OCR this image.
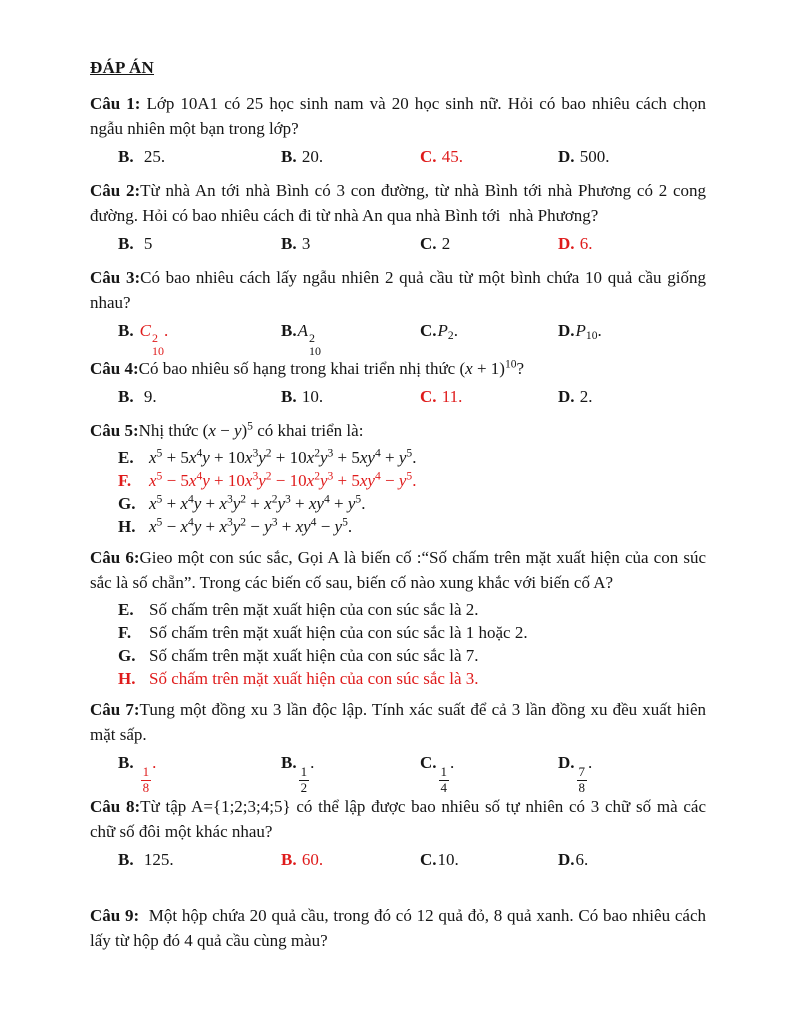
ĐÁP ÁN

Câu 1: Lớp 10A1 có 25 học sinh nam và 20 học sinh nữ. Hỏi có bao nhiêu cách chọn ngẫu nhiên một bạn trong lớp?

B. 25.	B. 20.	C. 45.	D. 500.

Câu 2:Từ nhà An tới nhà Bình có 3 con đường, từ nhà Bình tới nhà Phương có 2 cong đường. Hỏi có bao nhiêu cách đi từ nhà An qua nhà Bình tới  nhà Phương?

B. 5	B. 3	C. 2	D. 6.

Câu 3:Có bao nhiêu cách lấy ngẫu nhiên 2 quả cầu từ một bình chứa 10 quả cầu giống nhau?

B. C 2
10
.	B.A 2
10
$C.P_2$.	$D.P_{10}$.

Câu 4:Có bao nhiêu số hạng trong khai triển nhị thức $(x + 1)^{10}$?

B. 9.	B. 10.	C. 11.	D. 2.

Câu 5:Nhị thức $(x - y)^5$ có khai triển là:

E. $x^5 + 5x^4y + 10x^3y^2 + 10x^2y^3 + 5xy^4 + y^5$.
F. $x^5 - 5x^4y + 10x^3y^2 - 10x^2y^3 + 5xy^4 - y^5$.
G. $x^5 + x^4y + x^3y^2 + x^2y^3 + xy^4 + y^5$.
H. $x^5 - x^4y + x^3y^2 - y^3 + xy^4 - y^5$.

Câu 6:Gieo một con súc sắc, Gọi A là biến cố :“Số chấm trên mặt xuất hiện của con súc sắc là số chẵn”. Trong các biến cố sau, biến cố nào xung khắc với biến cố A?

E. Số chấm trên mặt xuất hiện của con súc sắc là 2.
F. Số chấm trên mặt xuất hiện của con súc sắc là 1 hoặc 2.
G. Số chấm trên mặt xuất hiện của con súc sắc là 7.
H. Số chấm trên mặt xuất hiện của con súc sắc là 3.

Câu 7:Tung một đồng xu 3 lần độc lập. Tính xác suất để cả 3 lần đồng xu đều xuất hiên mặt sấp.

B.
$\frac{1}{8}$
.	B.
$\frac{1}{2}$
.	C.
$\frac{1}{4}$
.	D.
$\frac{7}{8}$
.

Câu 8:Từ tập A={1;2;3;4;5} có thể lập được bao nhiêu số tự nhiên có 3 chữ số mà các chữ số đôi một khác nhau?

B. 125.	B. 60.	C.10.	D.6.

Câu 9:  Một hộp chứa 20 quả cầu, trong đó có 12 quả đỏ, 8 quả xanh. Có bao nhiêu cách lấy từ hộp đó 4 quả cầu cùng màu?
